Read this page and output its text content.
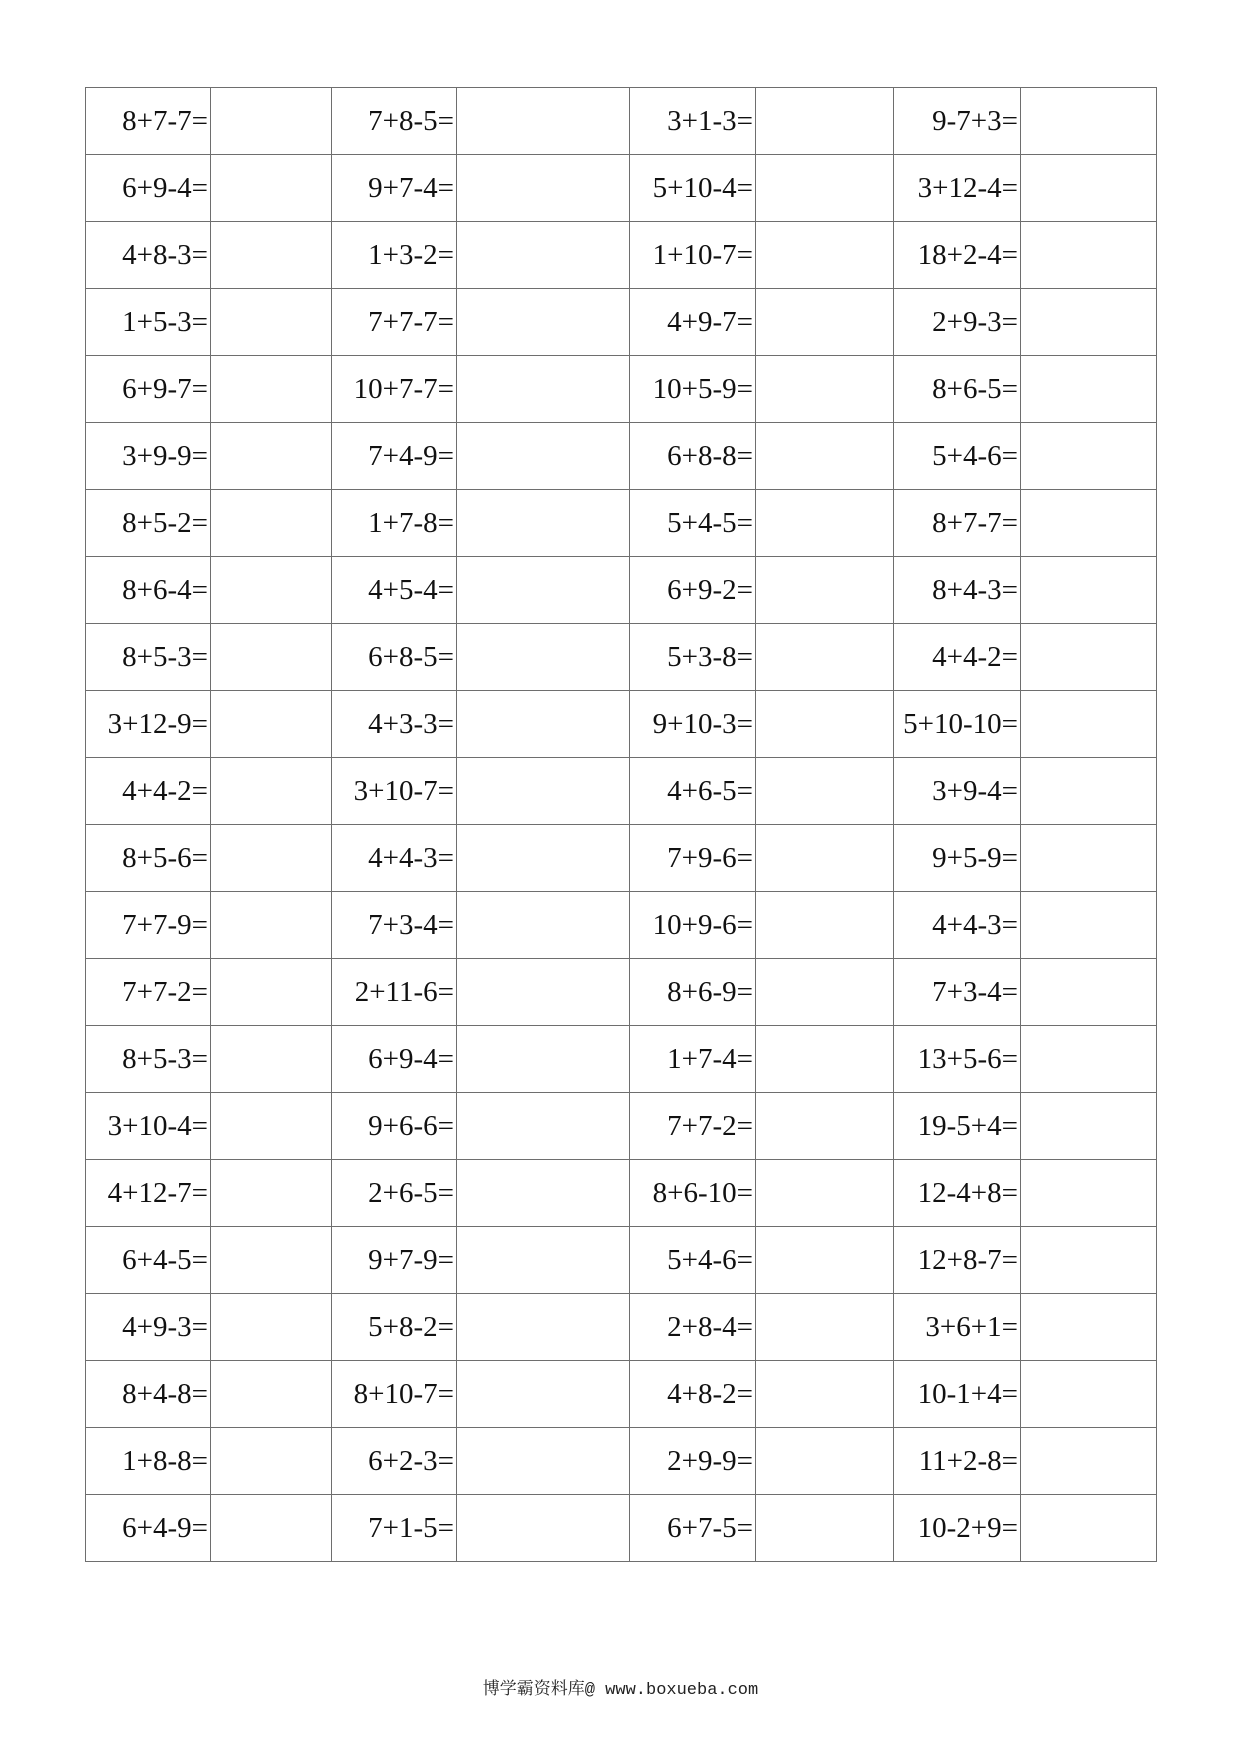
8+7-7=		7+8-5=		3+1-3=		9-7+3=	
6+9-4=		9+7-4=		5+10-4=		3+12-4=	
4+8-3=		1+3-2=		1+10-7=		18+2-4=	
1+5-3=		7+7-7=		4+9-7=		2+9-3=	
6+9-7=		10+7-7=		10+5-9=		8+6-5=	
3+9-9=		7+4-9=		6+8-8=		5+4-6=	
8+5-2=		1+7-8=		5+4-5=		8+7-7=	
8+6-4=		4+5-4=		6+9-2=		8+4-3=	
8+5-3=		6+8-5=		5+3-8=		4+4-2=	
3+12-9=		4+3-3=		9+10-3=		5+10-10=	
4+4-2=		3+10-7=		4+6-5=		3+9-4=	
8+5-6=		4+4-3=		7+9-6=		9+5-9=	
7+7-9=		7+3-4=		10+9-6=		4+4-3=	
7+7-2=		2+11-6=		8+6-9=		7+3-4=	
8+5-3=		6+9-4=		1+7-4=		13+5-6=	
3+10-4=		9+6-6=		7+7-2=		19-5+4=	
4+12-7=		2+6-5=		8+6-10=		12-4+8=	
6+4-5=		9+7-9=		5+4-6=		12+8-7=	
4+9-3=		5+8-2=		2+8-4=		3+6+1=	
8+4-8=		8+10-7=		4+8-2=		10-1+4=	
1+8-8=		6+2-3=		2+9-9=		11+2-8=	
6+4-9=		7+1-5=		6+7-5=		10-2+9=	
博学霸资料库@ www.boxueba.com
